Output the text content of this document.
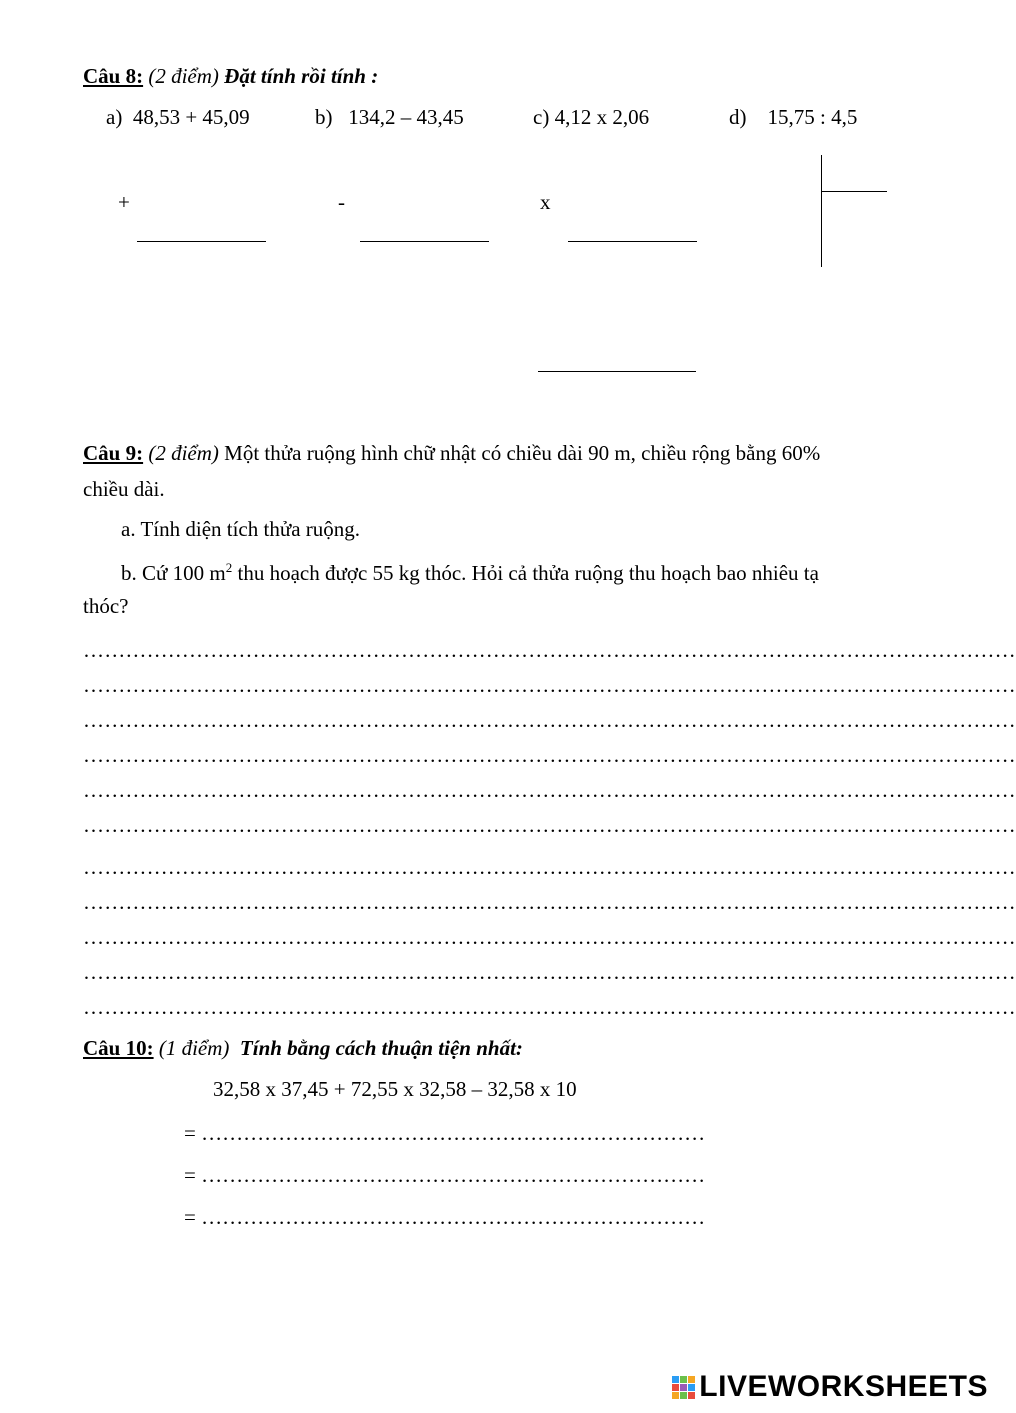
Câu 8: (2 điểm) Đặt tính rồi tính :
a) 48,53 + 45,09	b) 134,2 – 43,45	c) 4,12 x 2,06	d) 15,75 : 4,5
+	-	x
Câu 9: (2 điểm) Một thửa ruộng hình chữ nhật có chiều dài 90 m, chiều rộng bằng 60%
chiều dài.
a. Tính diện tích thửa ruộng.
b. Cứ 100 $m^2$ thu hoạch được 55 kg thóc. Hỏi cả thửa ruộng thu hoạch bao nhiêu tạ
thóc?
……………………………………………………………………………………………………………………
……………………………………………………………………………………………………………………
……………………………………………………………………………………………………………………
……………………………………………………………………………………………………………………
……………………………………………………………………………………………………………………
……………………………………………………………………………………………………………………
……………………………………………………………………………………………………………………
……………………………………………………………………………………………………………………
……………………………………………………………………………………………………………………
……………………………………………………………………………………………………………………
……………………………………………………………………………………………………………………
Câu 10: (1 điểm) Tính bằng cách thuận tiện nhất:
32,58 x 37,45 + 72,55 x 32,58 – 32,58 x 10
= ………………………………………………………………
= ………………………………………………………………
= ………………………………………………………………
LIVEWORKSHEETS
